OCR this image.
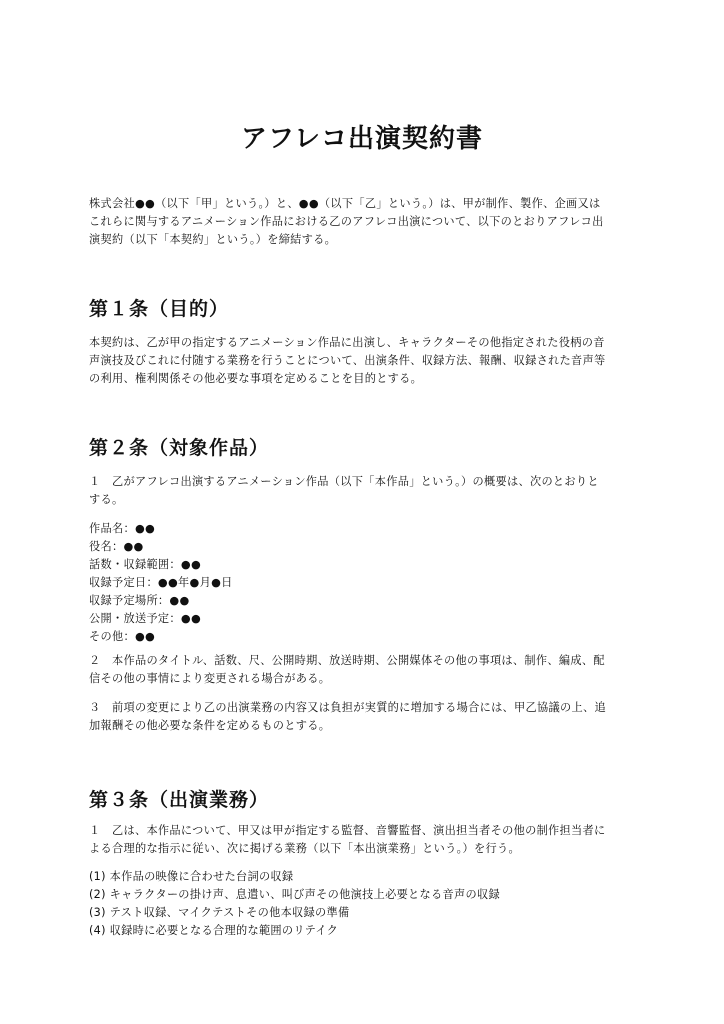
アフレコ出演契約書
株式会社●●（以下「甲」という。）と、●●（以下「乙」という。）は、甲が制作、製作、企画又は
これらに関与するアニメーション作品における乙のアフレコ出演について、以下のとおりアフレコ出
演契約（以下「本契約」という。）を締結する。
第１条（目的）
本契約は、乙が甲の指定するアニメーション作品に出演し、キャラクターその他指定された役柄の音
声演技及びこれに付随する業務を行うことについて、出演条件、収録方法、報酬、収録された音声等
の利用、権利関係その他必要な事項を定めることを目的とする。
第２条（対象作品）
１　乙がアフレコ出演するアニメーション作品（以下「本作品」という。）の概要は、次のとおりと
する。
作品名：●●
役名：●●
話数・収録範囲：●●
収録予定日：●●年●月●日
収録予定場所：●●
公開・放送予定：●●
その他：●●
２　本作品のタイトル、話数、尺、公開時期、放送時期、公開媒体その他の事項は、制作、編成、配
信その他の事情により変更される場合がある。
３　前項の変更により乙の出演業務の内容又は負担が実質的に増加する場合には、甲乙協議の上、追
加報酬その他必要な条件を定めるものとする。
第３条（出演業務）
１　乙は、本作品について、甲又は甲が指定する監督、音響監督、演出担当者その他の制作担当者に
よる合理的な指示に従い、次に掲げる業務（以下「本出演業務」という。）を行う。
(1) 本作品の映像に合わせた台詞の収録
(2) キャラクターの掛け声、息遣い、叫び声その他演技上必要となる音声の収録
(3) テスト収録、マイクテストその他本収録の準備
(4) 収録時に必要となる合理的な範囲のリテイク
